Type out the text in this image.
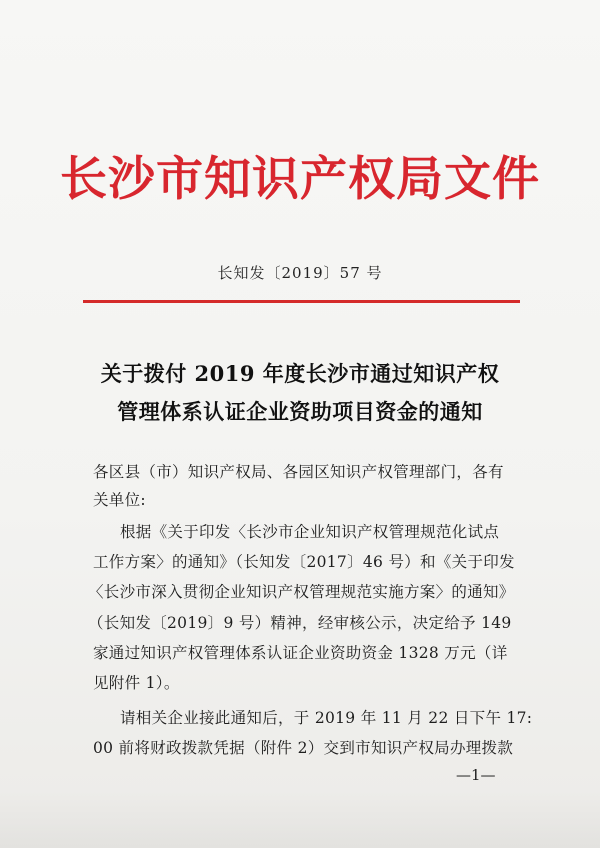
长沙市知识产权局文件
长知发〔2019〕57 号
关于拨付 2019 年度长沙市通过知识产权
管理体系认证企业资助项目资金的通知
各区县（市）知识产权局、各园区知识产权管理部门，各有
关单位:
根据《关于印发〈长沙市企业知识产权管理规范化试点
工作方案〉的通知》（长知发〔2017〕46 号）和《关于印发
〈长沙市深入贯彻企业知识产权管理规范实施方案〉的通知》
（长知发〔2019〕9 号）精神，经审核公示，决定给予 149
家通过知识产权管理体系认证企业资助资金 1328 万元（详
见附件 1）。
请相关企业接此通知后，于 2019 年 11 月 22 日下午 17:
00 前将财政拨款凭据（附件 2）交到市知识产权局办理拨款
—1—
